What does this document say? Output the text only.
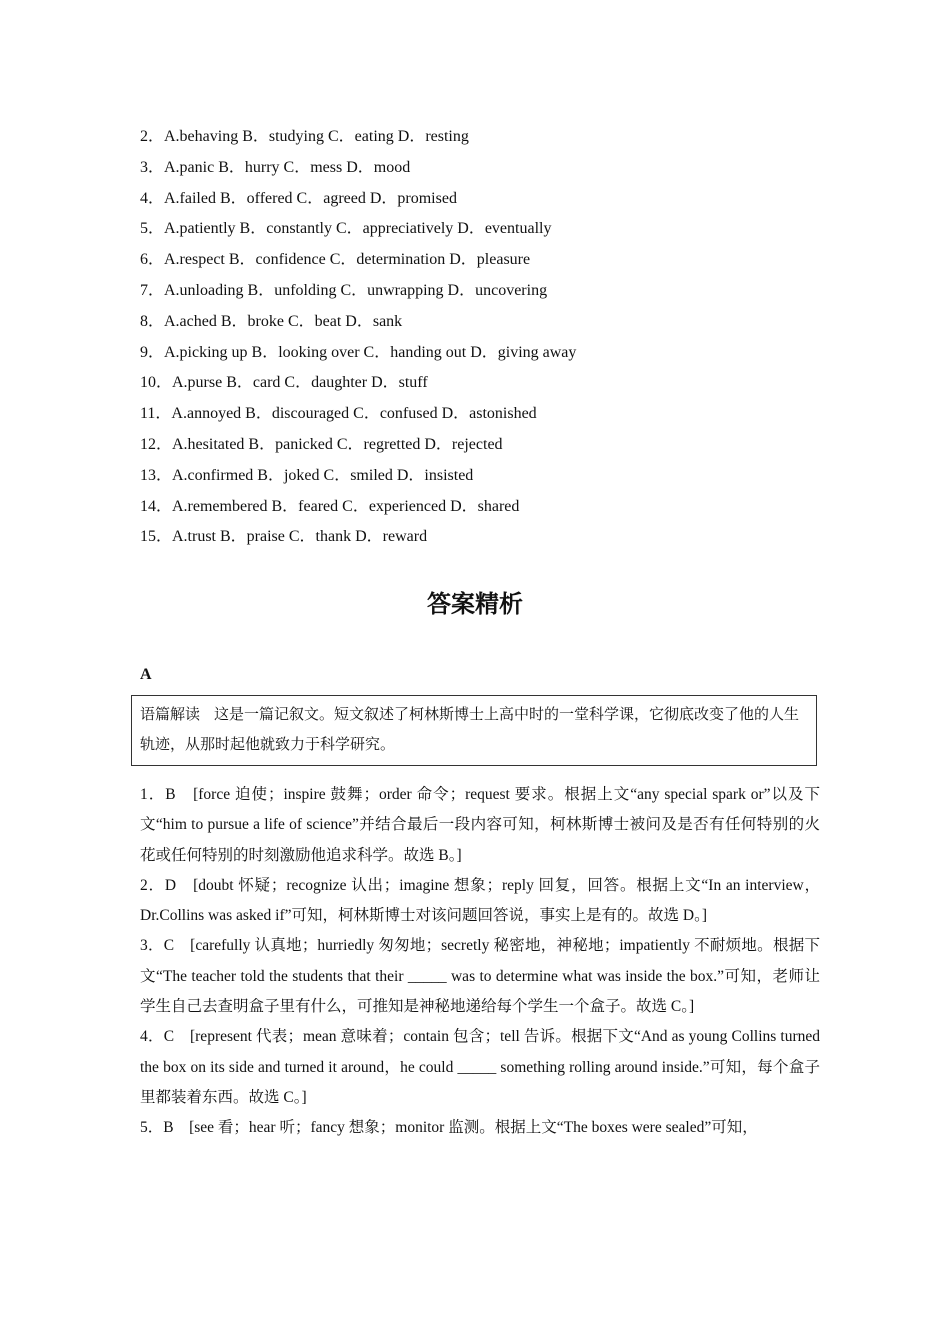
2．A.behaving B．studying C．eating D．resting
3．A.panic B．hurry C．mess D．mood
4．A.failed B．offered C．agreed D．promised
5．A.patiently B．constantly C．appreciatively D．eventually
6．A.respect B．confidence C．determination D．pleasure
7．A.unloading B．unfolding C．unwrapping D．uncovering
8．A.ached B．broke C．beat D．sank
9．A.picking up B．looking over C．handing out D．giving away
10．A.purse B．card C．daughter D．stuff
11．A.annoyed B．discouraged C．confused D．astonished
12．A.hesitated B．panicked C．regretted D．rejected
13．A.confirmed B．joked C．smiled D．insisted
14．A.remembered B．feared C．experienced D．shared
15．A.trust B．praise C．thank D．reward
答案精析
A
语篇解读 这是一篇记叙文。短文叙述了柯林斯博士上高中时的一堂科学课，它彻底改变了他的人生轨迹，从那时起他就致力于科学研究。

1．B　[force 迫使；inspire 鼓舞；order 命令；request 要求。根据上文“any special spark or”以及下文“him to pursue a life of science”并结合最后一段内容可知，柯林斯博士被问及是否有任何特别的火花或任何特别的时刻激励他追求科学。故选 B。]

2．D　[doubt 怀疑；recognize 认出；imagine 想象；reply 回复，回答。根据上文“In an interview，Dr.Collins was asked if”可知，柯林斯博士对该问题回答说，事实上是有的。故选 D。]

3．C　[carefully 认真地；hurriedly 匆匆地；secretly 秘密地，神秘地；impatiently 不耐烦地。根据下文“The teacher told the students that their _____ was to determine what was inside the box.”可知，老师让学生自己去查明盒子里有什么，可推知是神秘地递给每个学生一个盒子。故选 C。]

4．C　[represent 代表；mean 意味着；contain 包含；tell 告诉。根据下文“And as young Collins turned the box on its side and turned it around，he could _____ something rolling around inside.”可知，每个盒子里都装着东西。故选 C。]

5．B　[see 看；hear 听；fancy 想象；monitor 监测。根据上文“The boxes were sealed”可知，
